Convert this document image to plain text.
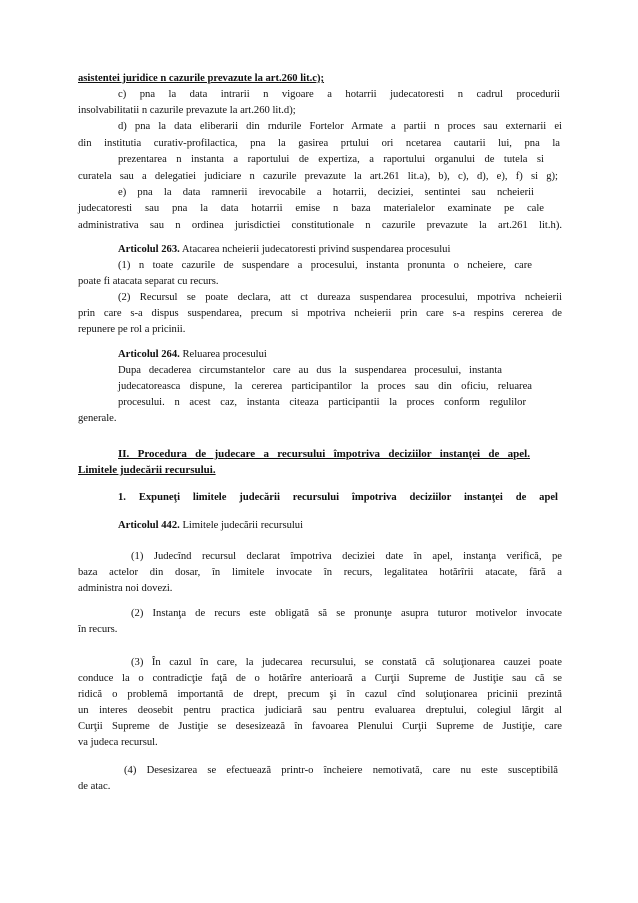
asistentei juridice n cazurile prevazute la art.260 lit.c);
c) pna la data intrarii n vigoare a hotarrii judecatoresti n cadrul procedurii
insolvabilitatii n cazurile prevazute la art.260 lit.d);
d) pna la data eliberarii din rndurile Fortelor Armate a partii n proces sau externarii ei
din institutia curativ-profilactica, pna la gasirea prtului ori ncetarea cautarii lui, pna la
prezentarea n instanta a raportului de expertiza, a raportului organului de tutela si
curatela sau a delegatiei judiciare n cazurile prevazute la art.261 lit.a), b), c), d), e), f) si g);
e) pna la data ramnerii irevocabile a hotarrii, deciziei, sentintei sau ncheierii
judecatoresti sau pna la data hotarrii emise n baza materialelor examinate pe cale
administrativa sau n ordinea jurisdictiei constitutionale n cazurile prevazute la art.261 lit.h).
Articolul 263. Atacarea ncheierii judecatoresti privind suspendarea procesului
(1) n toate cazurile de suspendare a procesului, instanta pronunta o ncheiere, care
poate fi atacata separat cu recurs.
(2) Recursul se poate declara, att ct dureaza suspendarea procesului, mpotriva ncheierii
prin care s-a dispus suspendarea, precum si mpotriva ncheierii prin care s-a respins cererea de
repunere pe rol a pricinii.
Articolul 264. Reluarea procesului
Dupa decaderea circumstantelor care au dus la suspendarea procesului, instanta
judecatoreasca dispune, la cererea participantilor la proces sau din oficiu, reluarea
procesului. n acest caz, instanta citeaza participantii la proces conform regulilor
generale.
II. Procedura de judecare a recursului împotriva deciziilor instanţei de apel.
Limitele judecării recursului.
1. Expuneţi limitele judecării recursului împotriva deciziilor instanţei de apel
Articolul 442. Limitele judecării recursului
(1) Judecînd recursul declarat împotriva deciziei date în apel, instanţa verifică, pe
baza actelor din dosar, în limitele invocate în recurs, legalitatea hotărîrii atacate, fără a
administra noi dovezi.
(2) Instanţa de recurs este obligată să se pronunţe asupra tuturor motivelor invocate
în recurs.
(3) În cazul în care, la judecarea recursului, se constată că soluţionarea cauzei poate
conduce la o contradicţie faţă de o hotărîre anterioară a Curţii Supreme de Justiţie sau că se
ridică o problemă importantă de drept, precum şi în cazul cînd soluţionarea pricinii prezintă
un interes deosebit pentru practica judiciară sau pentru evaluarea dreptului, colegiul lărgit al
Curţii Supreme de Justiţie se desesizează în favoarea Plenului Curţii Supreme de Justiţie, care
va judeca recursul.
(4) Desesizarea se efectuează printr-o încheiere nemotivată, care nu este susceptibilă
de atac.
